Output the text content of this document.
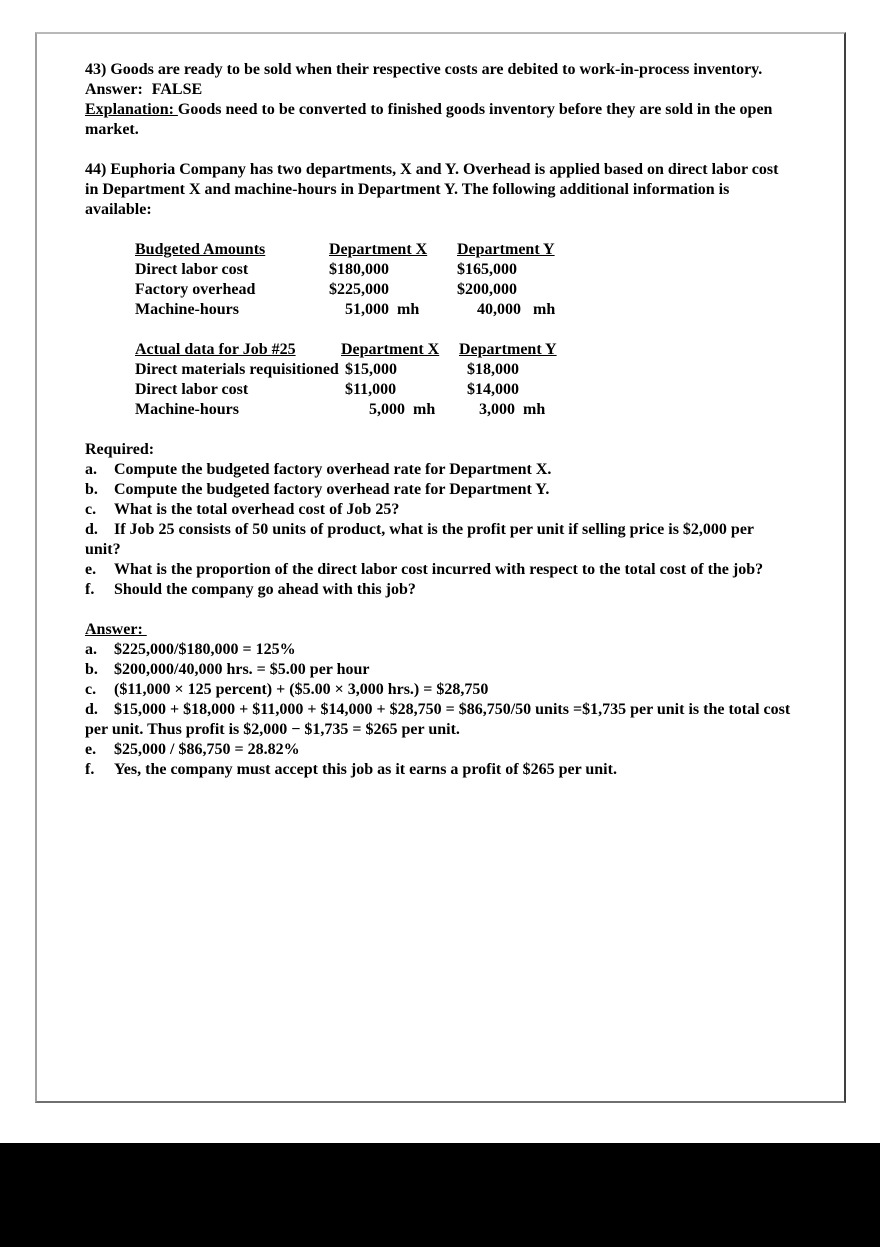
43) Goods are ready to be sold when their respective costs are debited to work-in-process inventory.

Answer: FALSE

Explanation: Goods need to be converted to finished goods inventory before they are sold in the open market.

44) Euphoria Company has two departments, X and Y. Overhead is applied based on direct labor cost in Department X and machine-hours in Department Y. The following additional information is available:

Budgeted Amounts	Department X	Department Y
Direct labor cost	$180,000	$165,000
Factory overhead	$225,000	$200,000
Machine-hours	51,000  mh	40,000   mh
Actual data for Job #25	Department X	Department Y
Direct materials requisitioned $15,000	$18,000
Direct labor cost	$11,000	$14,000
Machine-hours	5,000  mh	3,000  mh

Required:

a. Compute the budgeted factory overhead rate for Department X.

b. Compute the budgeted factory overhead rate for Department Y.

c. What is the total overhead cost of Job 25?

d. If Job 25 consists of 50 units of product, what is the profit per unit if selling price is $2,000 per unit?

e. What is the proportion of the direct labor cost incurred with respect to the total cost of the job?

f. Should the company go ahead with this job?

Answer:

a. $225,000/$180,000 = 125%

b. $200,000/40,000 hrs. = $5.00 per hour

c. ($11,000 × 125 percent) + ($5.00 × 3,000 hrs.) = $28,750

d. $15,000 + $18,000 + $11,000 + $14,000 + $28,750 = $86,750/50 units =$1,735 per unit is the total cost per unit. Thus profit is $2,000 − $1,735 = $265 per unit.

e. $25,000 / $86,750 = 28.82%

f. Yes, the company must accept this job as it earns a profit of $265 per unit.
